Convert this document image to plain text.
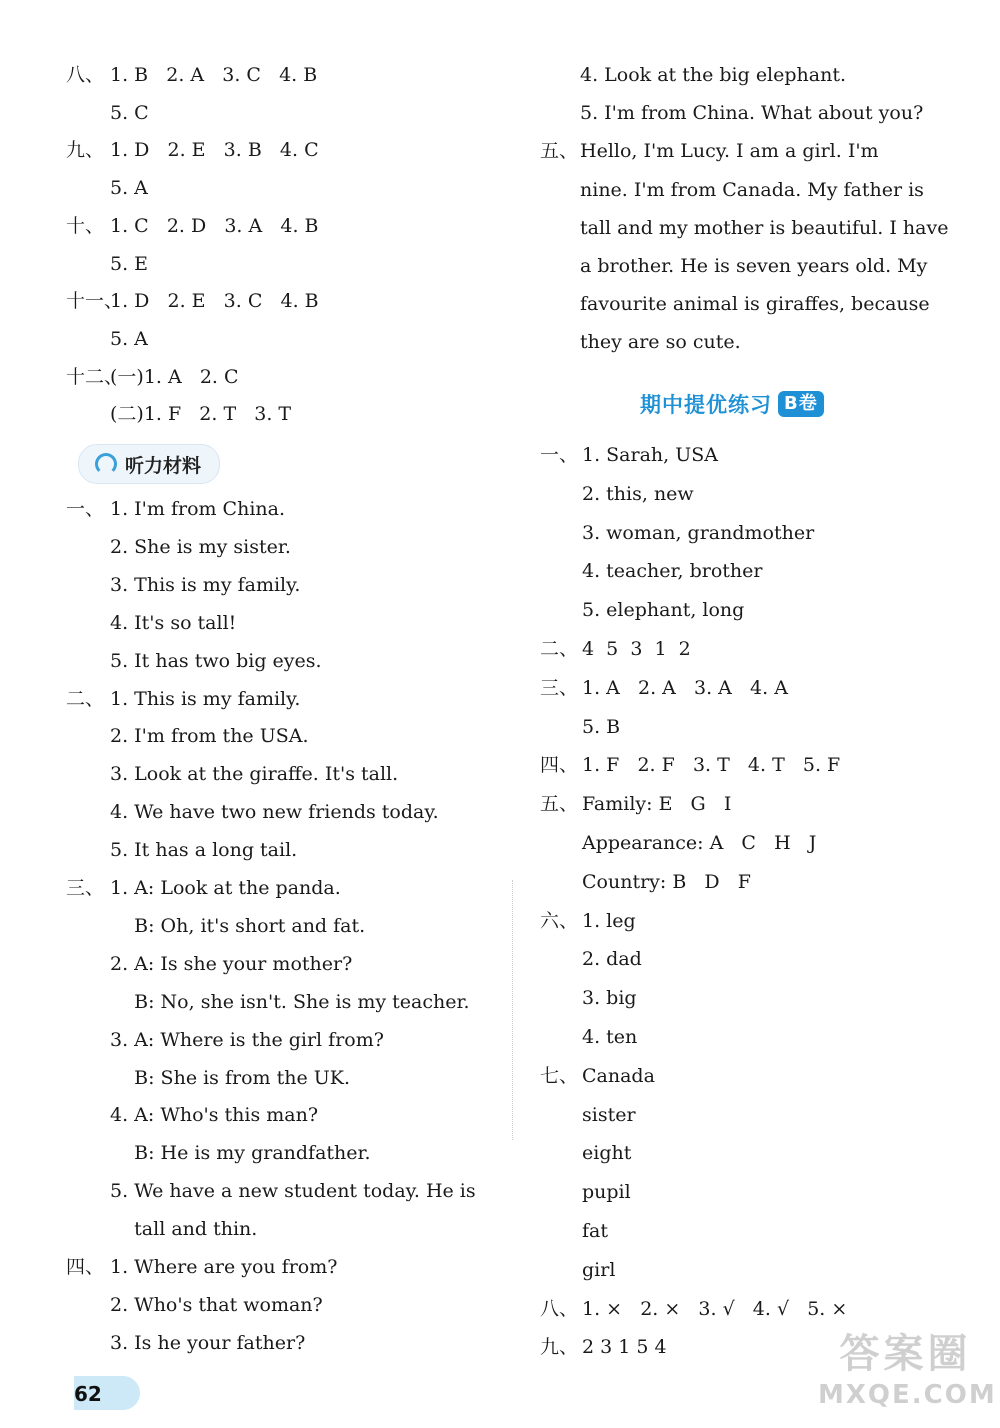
八、 1. B   2. A   3. C   4. B
5. C
九、 1. D   2. E   3. B   4. C
5. A
十、 1. C   2. D   3. A   4. B
5. E
十一、1. D   2. E   3. C   4. B
5. A
十二、(一)1. A   2. C
(二)1. F   2. T   3. T
一、 1. I'm from China.
2. She is my sister.
3. This is my family.
4. It's so tall!
5. It has two big eyes.
二、 1. This is my family.
2. I'm from the USA.
3. Look at the giraffe. It's tall.
4. We have two new friends today.
5. It has a long tail.
三、 1. A: Look at the panda.
B: Oh, it's short and fat.
2. A: Is she your mother?
B: No, she isn't. She is my teacher.
3. A: Where is the girl from?
B: She is from the UK.
4. A: Who's this man?
B: He is my grandfather.
5. We have a new student today. He is
tall and thin.
四、 1. Where are you from?
2. Who's that woman?
3. Is he your father?
4. Look at the big elephant.
5. I'm from China. What about you?
五、 Hello, I'm Lucy. I am a girl. I'm
nine. I'm from Canada. My father is
tall and my mother is beautiful. I have
a brother. He is seven years old. My
favourite animal is giraffes, because
they are so cute.
一、 1. Sarah, USA
2. this, new
3. woman, grandmother
4. teacher, brother
5. elephant, long
二、 4  5  3  1  2
三、 1. A   2. A   3. A   4. A
5. B
四、 1. F   2. F   3. T   4. T   5. F
五、 Family: E   G   I
Appearance: A   C   H   J
Country: B   D   F
六、 1. leg
2. dad
3. big
4. ten
七、 Canada
sister
eight
pupil
fat
girl
八、 1. ×   2. ×   3. √   4. √   5. ×
九、 2 3 1 5 4
听力材料
期中提优练习 B卷
62
答案圈
MXQE.COM
